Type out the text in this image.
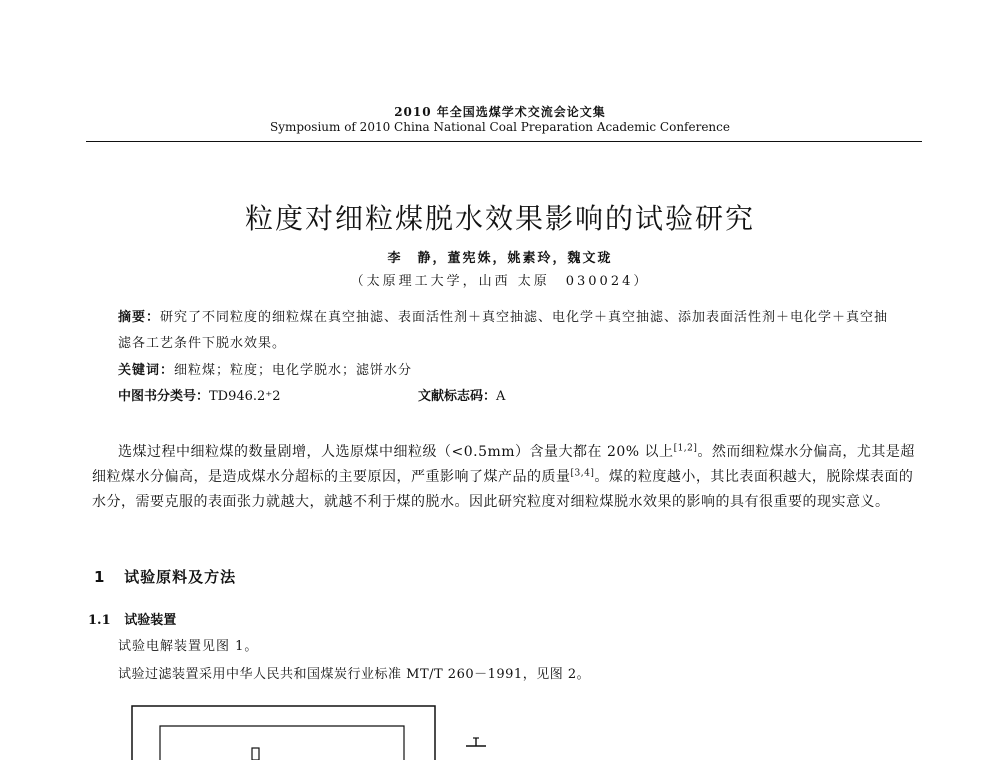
2010 年全国选煤学术交流会论文集
Symposium of 2010 China National Coal Preparation Academic Conference
粒度对细粒煤脱水效果影响的试验研究
李　静，董宪姝，姚素玲，魏文珑
（太原理工大学，山西 太原　030024）
摘要：研究了不同粒度的细粒煤在真空抽滤、表面活性剂＋真空抽滤、电化学＋真空抽滤、添加表面活性剂＋电化学＋真空抽滤各工艺条件下脱水效果。
关键词：细粒煤；粒度；电化学脱水；滤饼水分
中图书分类号：TD946.2⁺2	文献标志码：A
选煤过程中细粒煤的数量剧增，人选原煤中细粒级（<0.5mm）含量大都在 20% 以上[1,2]。然而细粒煤水分偏高，尤其是超细粒煤水分偏高，是造成煤水分超标的主要原因，严重影响了煤产品的质量[3,4]。煤的粒度越小，其比表面积越大，脱除煤表面的水分，需要克服的表面张力就越大，就越不利于煤的脱水。因此研究粒度对细粒煤脱水效果的影响的具有很重要的现实意义。
1 试验原料及方法
1.1 试验装置
试验电解装置见图 1。
试验过滤装置采用中华人民共和国煤炭行业标准 MT/T 260－1991，见图 2。
